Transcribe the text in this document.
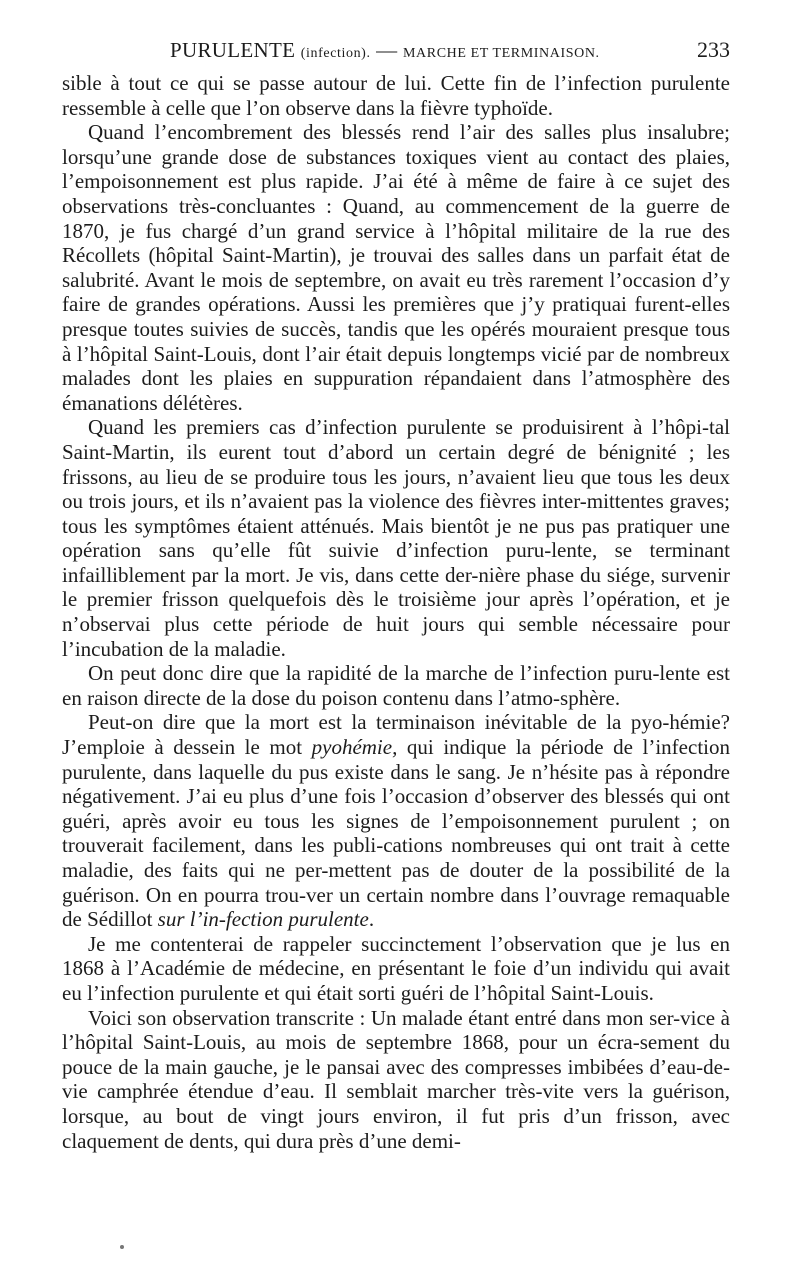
PURULENTE (infection). — MARCHE ET TERMINAISON.	233

sible à tout ce qui se passe autour de lui. Cette fin de l’infection purulente ressemble à celle que l’on observe dans la fièvre typhoïde.

Quand l’encombrement des blessés rend l’air des salles plus insalubre; lorsqu’une grande dose de substances toxiques vient au contact des plaies, l’empoisonnement est plus rapide. J’ai été à même de faire à ce sujet des observations très-concluantes : Quand, au commencement de la guerre de 1870, je fus chargé d’un grand service à l’hôpital militaire de la rue des Récollets (hôpital Saint-Martin), je trouvai des salles dans un parfait état de salubrité. Avant le mois de septembre, on avait eu très rarement l’occasion d’y faire de grandes opérations. Aussi les premières que j’y pratiquai furent-elles presque toutes suivies de succès, tandis que les opérés mouraient presque tous à l’hôpital Saint-Louis, dont l’air était depuis longtemps vicié par de nombreux malades dont les plaies en suppuration répandaient dans l’atmosphère des émanations délétères.

Quand les premiers cas d’infection purulente se produisirent à l’hôpi-tal Saint-Martin, ils eurent tout d’abord un certain degré de bénignité ; les frissons, au lieu de se produire tous les jours, n’avaient lieu que tous les deux ou trois jours, et ils n’avaient pas la violence des fièvres inter-mittentes graves; tous les symptômes étaient atténués. Mais bientôt je ne pus pas pratiquer une opération sans qu’elle fût suivie d’infection puru-lente, se terminant infailliblement par la mort. Je vis, dans cette der-nière phase du siége, survenir le premier frisson quelquefois dès le troisième jour après l’opération, et je n’observai plus cette période de huit jours qui semble nécessaire pour l’incubation de la maladie.

On peut donc dire que la rapidité de la marche de l’infection puru-lente est en raison directe de la dose du poison contenu dans l’atmo-sphère.

Peut-on dire que la mort est la terminaison inévitable de la pyo-hémie? J’emploie à dessein le mot pyohémie, qui indique la période de l’infection purulente, dans laquelle du pus existe dans le sang. Je n’hésite pas à répondre négativement. J’ai eu plus d’une fois l’occasion d’observer des blessés qui ont guéri, après avoir eu tous les signes de l’empoisonnement purulent ; on trouverait facilement, dans les publi-cations nombreuses qui ont trait à cette maladie, des faits qui ne per-mettent pas de douter de la possibilité de la guérison. On en pourra trou-ver un certain nombre dans l’ouvrage remaquable de Sédillot sur l’in-fection purulente.

Je me contenterai de rappeler succinctement l’observation que je lus en 1868 à l’Académie de médecine, en présentant le foie d’un individu qui avait eu l’infection purulente et qui était sorti guéri de l’hôpital Saint-Louis.

Voici son observation transcrite : Un malade étant entré dans mon ser-vice à l’hôpital Saint-Louis, au mois de septembre 1868, pour un écra-sement du pouce de la main gauche, je le pansai avec des compresses imbibées d’eau-de-vie camphrée étendue d’eau. Il semblait marcher très-vite vers la guérison, lorsque, au bout de vingt jours environ, il fut pris d’un frisson, avec claquement de dents, qui dura près d’une demi-
